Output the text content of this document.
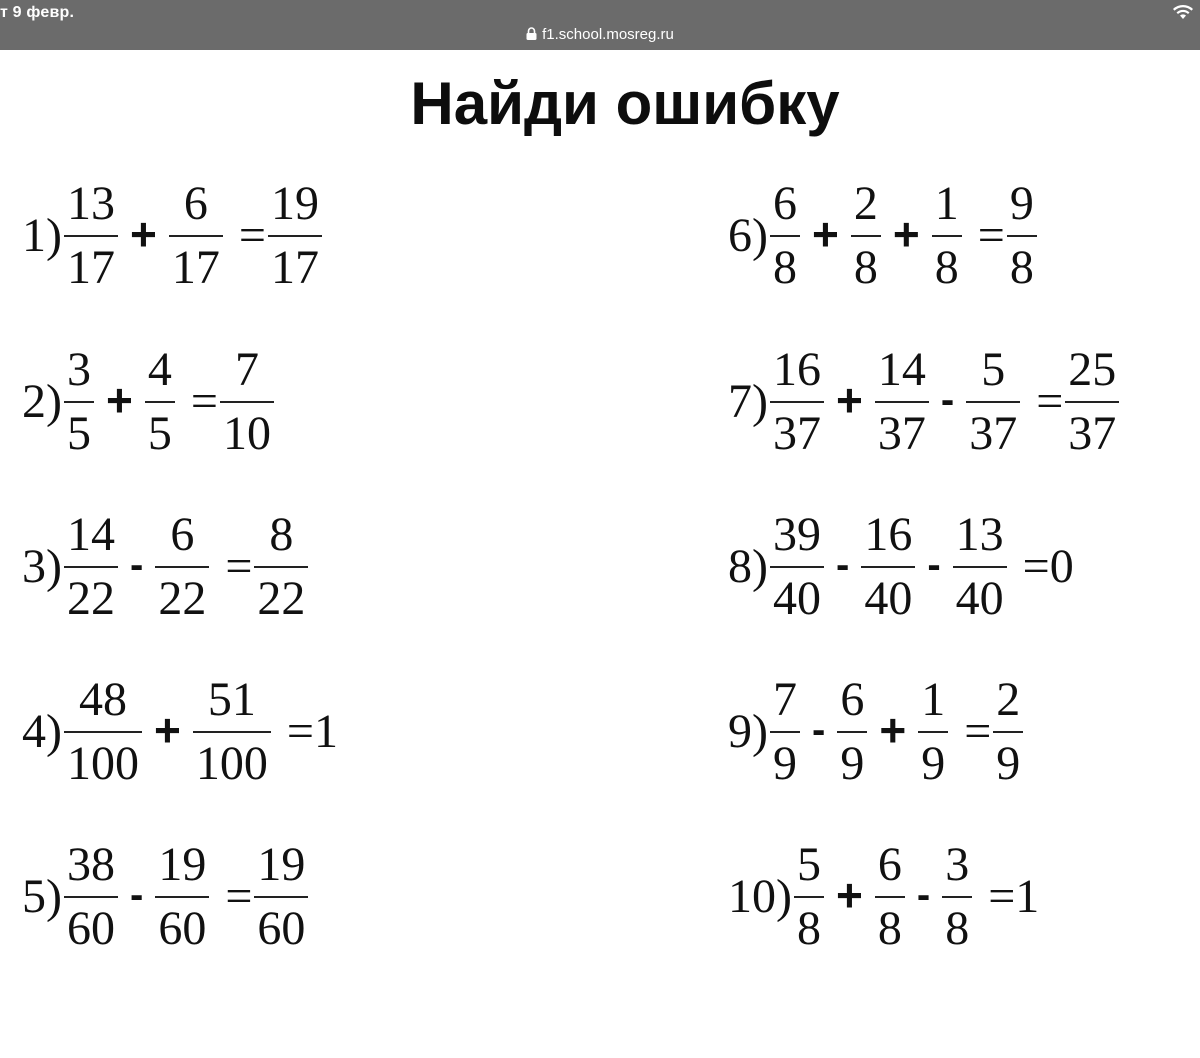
т 9 февр.
f1.school.mosreg.ru
Найди ошибку
$1) \frac{13}{17} + \frac{6}{17} = \frac{19}{17}$
$2) \frac{3}{5} + \frac{4}{5} = \frac{7}{10}$
$3) \frac{14}{22} - \frac{6}{22} = \frac{8}{22}$
$4) \frac{48}{100} + \frac{51}{100} = 1$
$5) \frac{38}{60} - \frac{19}{60} = \frac{19}{60}$
$6) \frac{6}{8} + \frac{2}{8} + \frac{1}{8} = \frac{9}{8}$
$7) \frac{16}{37} + \frac{14}{37} - \frac{5}{37} = \frac{25}{37}$
$8) \frac{39}{40} - \frac{16}{40} - \frac{13}{40} = 0$
$9) \frac{7}{9} - \frac{6}{9} + \frac{1}{9} = \frac{2}{9}$
$10) \frac{5}{8} + \frac{6}{8} - \frac{3}{8} = 1$
